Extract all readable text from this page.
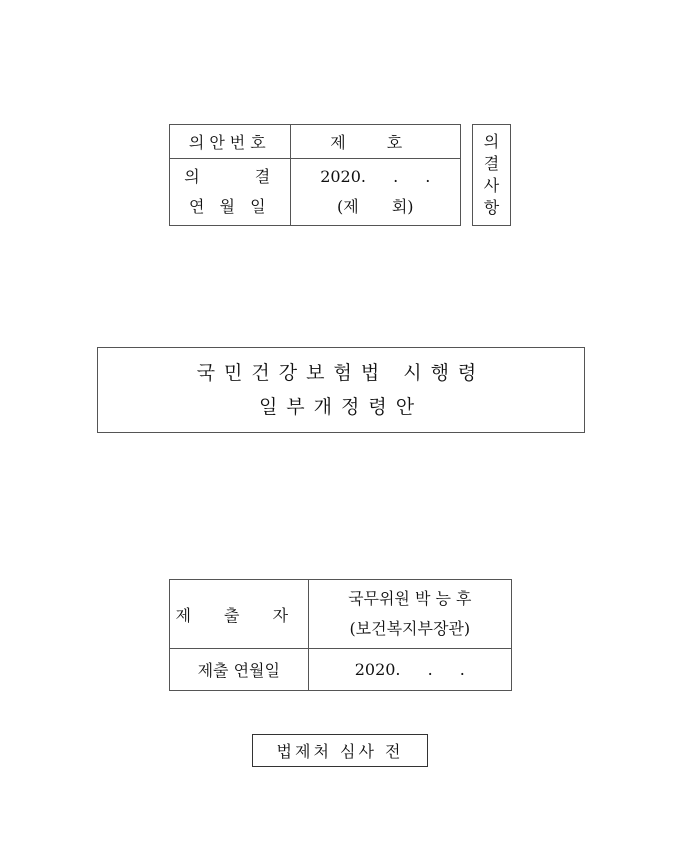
의안번호	제 호

의 결
연 월 일	2020. . .
(제 회)
의
결
사
항
국민건강보험법 시행령
일부개정령안
제 출 자	국무위원 박 능 후
(보건복지부장관)

제출 연월일	2020. . .
법제처 심사 전
